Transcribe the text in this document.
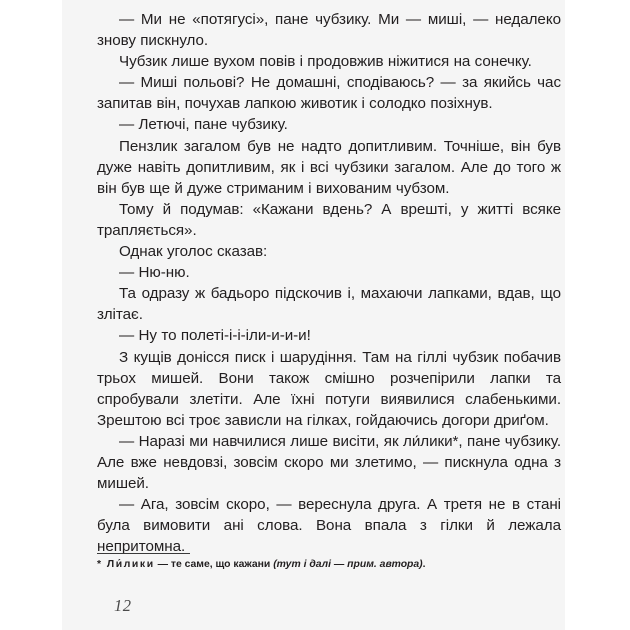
— Ми не «потягусі», пане чубзику. Ми — миші, — недалеко знову пискнуло.

Чубзик лише вухом повів і продовжив ніжитися на сонечку.

— Миші польові? Не домашні, сподіваюсь? — за якийсь час запитав він, почухав лапкою животик і солодко позіхнув.

— Летючі, пане чубзику.

Пензлик загалом був не надто допитливим. Точніше, він був дуже навіть допитливим, як і всі чубзики загалом. Але до того ж він був ще й дуже стриманим і вихованим чубзом.

Тому й подумав: «Кажани вдень? А врешті, у житті всяке трапляється».

Однак уголос сказав:

— Ню-ню.

Та одразу ж бадьоро підскочив і, махаючи лапками, вдав, що злітає.

— Ну то полеті-і-і-іли-и-и-и!

З кущів донісся писк і шарудіння. Там на гіллі чубзик побачив трьох мишей. Вони також смішно розчепірили лапки та спробували злетіти. Але їхні потуги виявилися слабенькими. Зрештою всі троє зависли на гілках, гойдаючись догори дриґом.

— Наразі ми навчилися лише висіти, як ли́лики*, пане чубзику. Але вже невдовзі, зовсім скоро ми злетимо, — пискнула одна з мишей.

— Ага, зовсім скоро, — вереснула друга. А третя не в стані була вимовити ані слова. Вона впала з гілки й лежала непритомна.

* Ли́лики — те саме, що кажани (тут і далі — прим. автора).

12
